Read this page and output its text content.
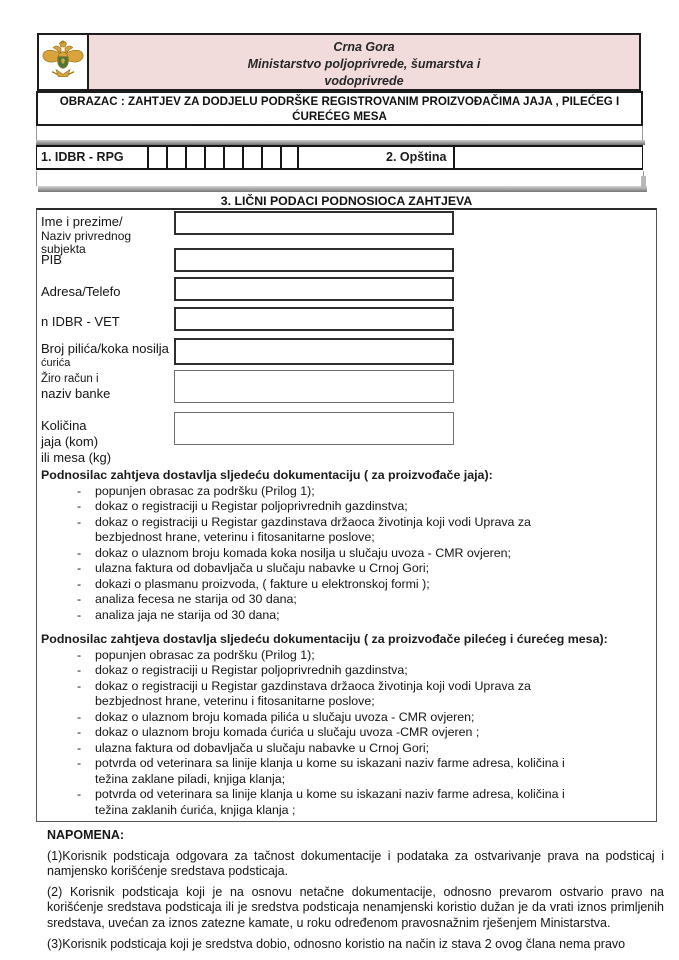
Crna Gora
Ministarstvo poljoprivrede, šumarstva i
vodoprivrede
OBRAZAC : ZAHTJEV ZA DODJELU PODRŠKE REGISTROVANIM PROIZVOĐAČIMA JAJA , PILEĆEG I ĆUREĆEG MESA
1. IDBR - RPG	2. Opština
3. LIČNI PODACI PODNOSIOCA ZAHTJEVA
Ime i prezime/
Naziv privrednog subjekta
PIB
Adresa/Telefo
n IDBR - VET
Broj pilića/koka nosilja
ćurića
Žiro račun i
naziv banke
Količina
jaja (kom)
ili mesa (kg)

Podnosilac zahtjeva dostavlja sljedeću dokumentaciju ( za proizvođače jaja):

- popunjen obrasac za podršku (Prilog 1);
- dokaz o registraciji u Registar poljoprivrednih gazdinstva;
- dokaz o registraciji u Registar gazdinstava držaoca životinja koji vodi Uprava za bezbjednost hrane, veterinu i fitosanitarne poslove;
- dokaz o ulaznom broju komada koka nosilja u slučaju uvoza - CMR ovjeren;
- ulazna faktura od dobavljača u slučaju nabavke u Crnoj Gori;
- dokazi o plasmanu proizvoda, ( fakture u elektronskoj formi );
- analiza fecesa ne starija od 30 dana;
- analiza jaja ne starija od 30 dana;

Podnosilac zahtjeva dostavlja sljedeću dokumentaciju ( za proizvođače pilećeg i ćurećeg mesa):

- popunjen obrasac za podršku (Prilog 1);
- dokaz o registraciji u Registar poljoprivrednih gazdinstva;
- dokaz o registraciji u Registar gazdinstava držaoca životinja koji vodi Uprava za bezbjednost hrane, veterinu i fitosanitarne poslove;
- dokaz o ulaznom broju komada pilića u slučaju uvoza - CMR ovjeren;
- dokaz o ulaznom broju komada ćurića u slučaju uvoza -CMR ovjeren ;
- ulazna faktura od dobavljača u slučaju nabavke u Crnoj Gori;
- potvrda od veterinara sa linije klanja u kome su iskazani naziv farme adresa, količina i težina zaklane piladi, knjiga klanja;
- potvrda od veterinara sa linije klanja u kome su iskazani naziv farme adresa, količina i težina zaklanih ćurića, knjiga klanja ;

NAPOMENA:

(1)Korisnik podsticaja odgovara za tačnost dokumentacije i podataka za ostvarivanje prava na podsticaj i namjensko korišćenje sredstava podsticaja.

(2) Korisnik podsticaja koji je na osnovu netačne dokumentacije, odnosno prevarom ostvario pravo na korišćenje sredstava podsticaja ili je sredstva podsticaja nenamjenski koristio dužan je da vrati iznos primljenih sredstava, uvećan za iznos zatezne kamate, u roku određenom pravosnažnim rješenjem Ministarstva.

(3)Korisnik podsticaja koji je sredstva dobio, odnosno koristio na način iz stava 2 ovog člana nema pravo
